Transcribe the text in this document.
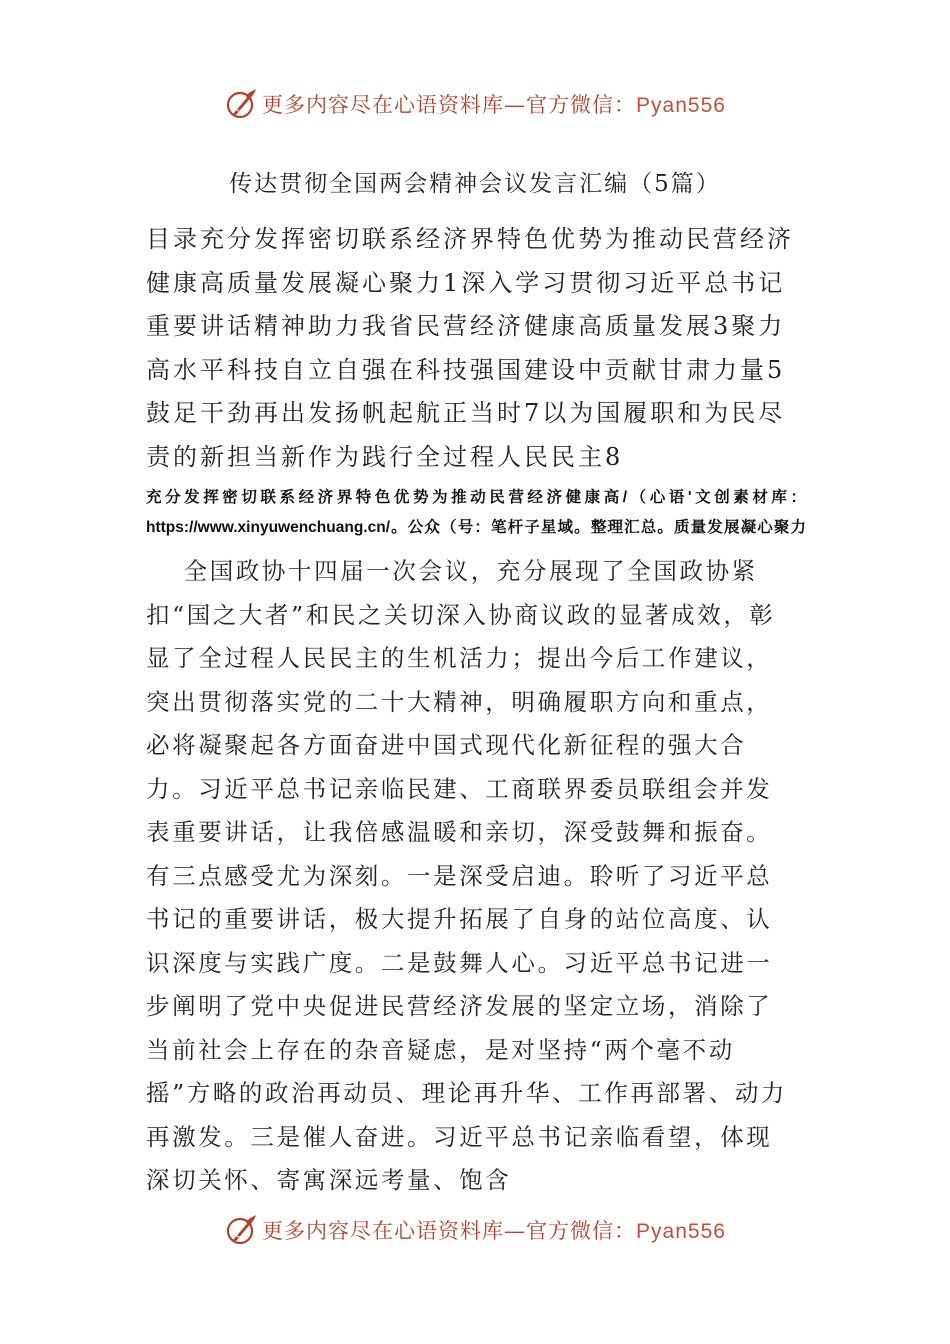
更多内容尽在心语资料库—官方微信：Pyan556
传达贯彻全国两会精神会议发言汇编（5篇）

目录充分发挥密切联系经济界特色优势为推动民营经济健康高质量发展凝心聚力1深入学习贯彻习近平总书记重要讲话精神助力我省民营经济健康高质量发展3聚力高水平科技自立自强在科技强国建设中贡献甘肃力量5鼓足干劲再出发扬帆起航正当时7以为国履职和为民尽责的新担当新作为践行全过程人民民主8

充分发挥密切联系经济界特色优势为推动民营经济健康高/（心语'文创素材库：https://www.xinyuwenchuang.cn/。公众（号：笔杆子星域。整理汇总。质量发展凝心聚力

全国政协十四届一次会议，充分展现了全国政协紧扣“国之大者”和民之关切深入协商议政的显著成效，彰显了全过程人民民主的生机活力；提出今后工作建议，突出贯彻落实党的二十大精神，明确履职方向和重点，必将凝聚起各方面奋进中国式现代化新征程的强大合力。习近平总书记亲临民建、工商联界委员联组会并发表重要讲话，让我倍感温暖和亲切，深受鼓舞和振奋。有三点感受尤为深刻。一是深受启迪。聆听了习近平总书记的重要讲话，极大提升拓展了自身的站位高度、认识深度与实践广度。二是鼓舞人心。习近平总书记进一步阐明了党中央促进民营经济发展的坚定立场，消除了当前社会上存在的杂音疑虑，是对坚持“两个毫不动摇”方略的政治再动员、理论再升华、工作再部署、动力再激发。三是催人奋进。习近平总书记亲临看望，体现深切关怀、寄寓深远考量、饱含

更多内容尽在心语资料库—官方微信：Pyan556
